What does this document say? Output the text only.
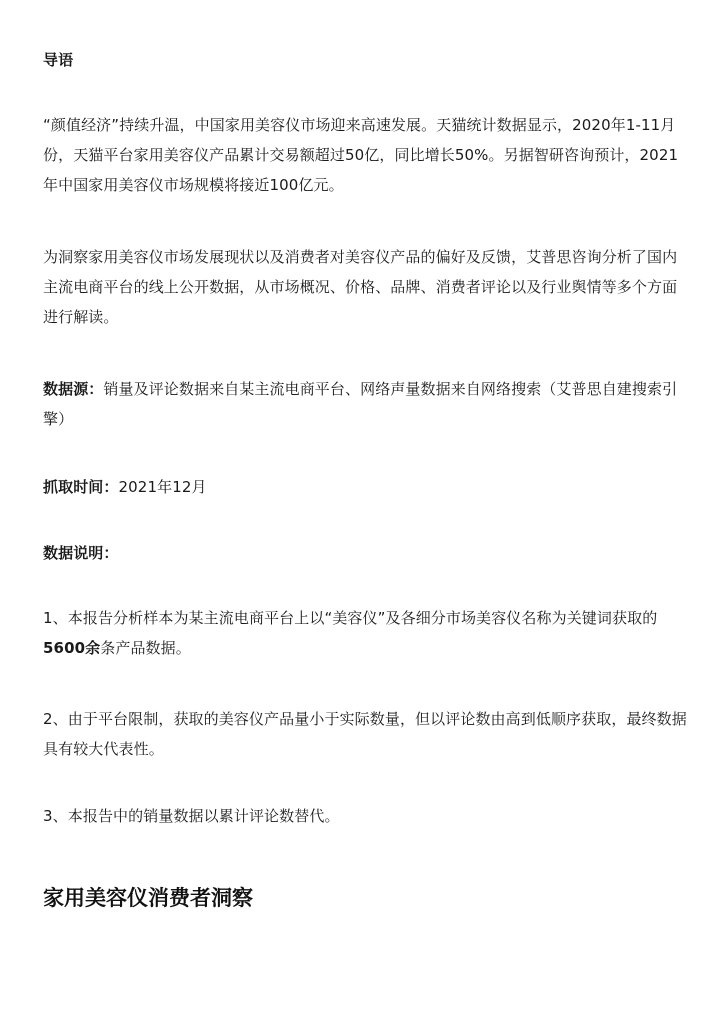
导语

“颜值经济”持续升温，中国家用美容仪市场迎来高速发展。天猫统计数据显示，2020年1-11月份，天猫平台家用美容仪产品累计交易额超过50亿，同比增长50%。另据智研咨询预计，2021年中国家用美容仪市场规模将接近100亿元。

为洞察家用美容仪市场发展现状以及消费者对美容仪产品的偏好及反馈，艾普思咨询分析了国内主流电商平台的线上公开数据，从市场概况、价格、品牌、消费者评论以及行业舆情等多个方面进行解读。

数据源：销量及评论数据来自某主流电商平台、网络声量数据来自网络搜索（艾普思自建搜索引擎）

抓取时间：2021年12月

数据说明：

1、本报告分析样本为某主流电商平台上以“美容仪”及各细分市场美容仪名称为关键词获取的5600余条产品数据。

2、由于平台限制，获取的美容仪产品量小于实际数量，但以评论数由高到低顺序获取，最终数据具有较大代表性。

3、本报告中的销量数据以累计评论数替代。

家用美容仪消费者洞察
